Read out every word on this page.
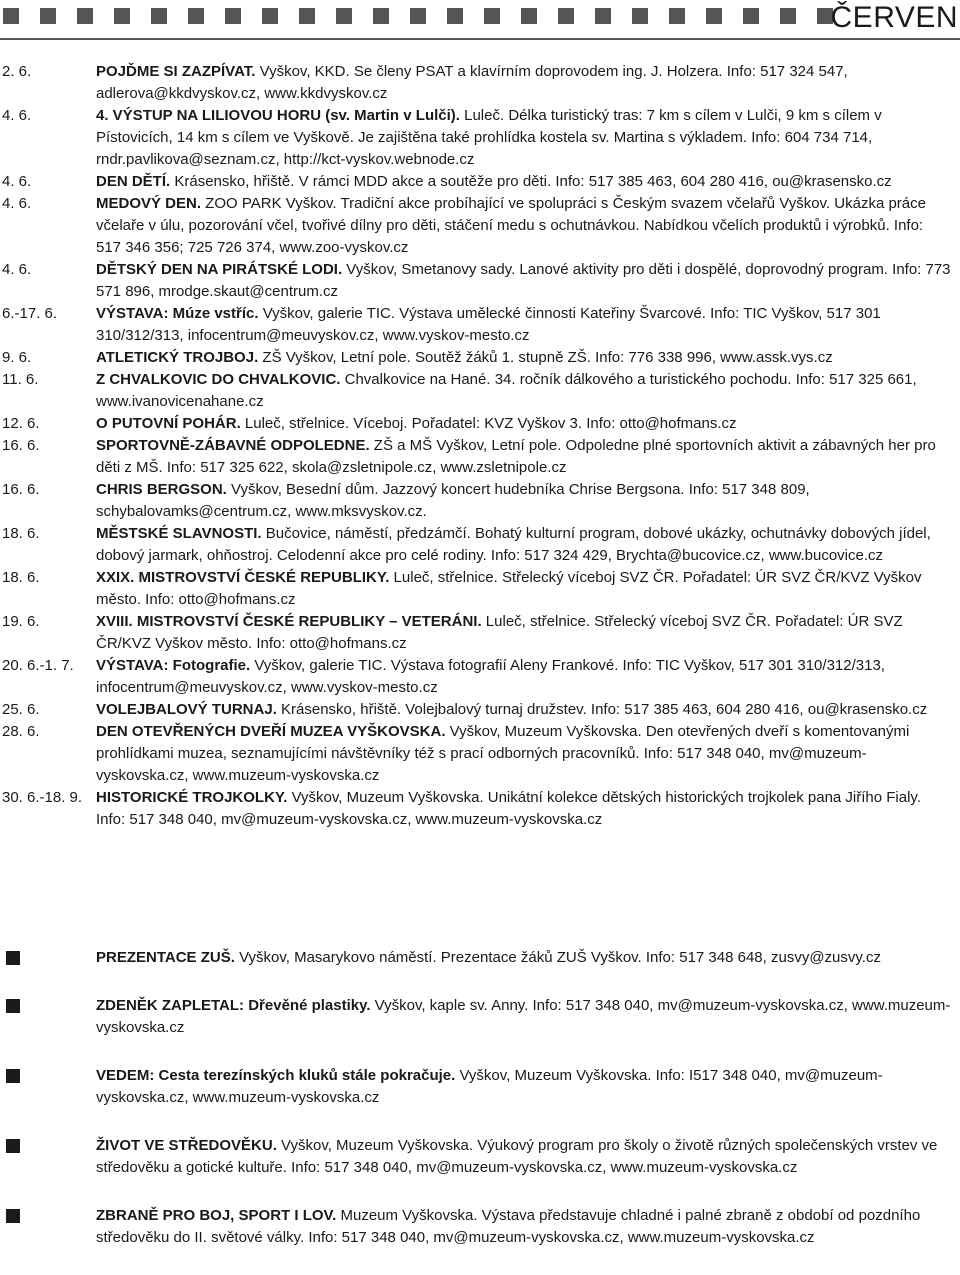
ČERVEN
2. 6.	POJĎME SI ZAZPÍVAT. Vyškov, KKD. Se členy PSAT a klavírním doprovodem ing. J. Holzera. Info: 517 324 547, adlerova@kkdvyskov.cz, www.kkdvyskov.cz
4. 6.	4. VÝSTUP NA LILIOVOU HORU (sv. Martin v Lulči). Luleč. Délka turistický tras: 7 km s cílem v Lulči, 9 km s cílem v Pístovicích, 14 km s cílem ve Vyškově. Je zajištěna také prohlídka kostela sv. Martina s výkladem. Info: 604 734 714, rndr.pavlikova@seznam.cz, http://kct-vyskov.webnode.cz
4. 6.	DEN DĚTÍ. Krásensko, hřiště. V rámci MDD akce a soutěže pro děti. Info: 517 385 463, 604 280 416, ou@krasensko.cz
4. 6.	MEDOVÝ DEN. ZOO PARK Vyškov. Tradiční akce probíhající ve spolupráci s Českým svazem včelařů Vyškov. Ukázka práce včelaře v úlu, pozorování včel, tvořivé dílny pro děti, stáčení medu s ochutnávkou. Nabídkou včelích produktů i výrobků. Info: 517 346 356; 725 726 374, www.zoo-vyskov.cz
4. 6.	DĚTSKÝ DEN NA PIRÁTSKÉ LODI. Vyškov, Smetanovy sady. Lanové aktivity pro děti i dospělé, doprovodný program. Info: 773 571 896, mrodge.skaut@centrum.cz
6.-17. 6.	VÝSTAVA: Múze vstříc. Vyškov, galerie TIC. Výstava umělecké činnosti Kateřiny Švarcové. Info: TIC Vyškov, 517 301 310/312/313, infocentrum@meuvyskov.cz, www.vyskov-mesto.cz
9. 6.	ATLETICKÝ TROJBOJ. ZŠ Vyškov, Letní pole. Soutěž žáků 1. stupně ZŠ. Info: 776 338 996, www.assk.vys.cz
11. 6.	Z CHVALKOVIC DO CHVALKOVIC. Chvalkovice na Hané. 34. ročník dálkového a turistického pochodu. Info: 517 325 661, www.ivanovicenahane.cz
12. 6.	O PUTOVNÍ POHÁR. Luleč, střelnice. Víceboj. Pořadatel: KVZ Vyškov 3. Info: otto@hofmans.cz
16. 6.	SPORTOVNĚ-ZÁBAVNÉ ODPOLEDNE. ZŠ a MŠ Vyškov, Letní pole. Odpoledne plné sportovních aktivit a zábavných her pro děti z MŠ. Info: 517 325 622, skola@zsletnipole.cz, www.zsletnipole.cz
16. 6.	CHRIS BERGSON. Vyškov, Besední dům. Jazzový koncert hudebníka Chrise Bergsona. Info: 517 348 809, schybalovamks@centrum.cz, www.mksvyskov.cz.
18. 6.	MĚSTSKÉ SLAVNOSTI. Bučovice, náměstí, předzámčí. Bohatý kulturní program, dobové ukázky, ochutnávky dobových jídel, dobový jarmark, ohňostroj. Celodenní akce pro celé rodiny. Info: 517 324 429, Brychta@bucovice.cz, www.bucovice.cz
18. 6.	XXIX. MISTROVSTVÍ ČESKÉ REPUBLIKY. Luleč, střelnice. Střelecký víceboj SVZ ČR. Pořadatel: ÚR SVZ ČR/KVZ Vyškov město. Info: otto@hofmans.cz
19. 6.	XVIII. MISTROVSTVÍ ČESKÉ REPUBLIKY – VETERÁNI. Luleč, střelnice. Střelecký víceboj SVZ ČR. Pořadatel: ÚR SVZ ČR/KVZ Vyškov město. Info: otto@hofmans.cz
20. 6.-1. 7. VÝSTAVA: Fotografie. Vyškov, galerie TIC. Výstava fotografií Aleny Frankové. Info: TIC Vyškov, 517 301 310/312/313, infocentrum@meuvyskov.cz, www.vyskov-mesto.cz
25. 6.	VOLEJBALOVÝ TURNAJ. Krásensko, hřiště. Volejbalový turnaj družstev. Info: 517 385 463, 604 280 416, ou@krasensko.cz
28. 6.	DEN OTEVŘENÝCH DVEŘÍ MUZEA VYŠKOVSKA. Vyškov, Muzeum Vyškovska. Den otevřených dveří s komentovanými prohlídkami muzea, seznamujícími návštěvníky též s prací odborných pracovníků. Info: 517 348 040, mv@muzeum-vyskovska.cz, www.muzeum-vyskovska.cz
30. 6.-18. 9. HISTORICKÉ TROJKOLKY. Vyškov, Muzeum Vyškovska. Unikátní kolekce dětských historických trojkolek pana Jiřího Fialy. Info: 517 348 040, mv@muzeum-vyskovska.cz, www.muzeum-vyskovska.cz
PREZENTACE ZUŠ. Vyškov, Masarykovo náměstí. Prezentace žáků ZUŠ Vyškov. Info: 517 348 648, zusvy@zusvy.cz
ZDENĚK ZAPLETAL: Dřevěné plastiky. Vyškov, kaple sv. Anny. Info: 517 348 040, mv@muzeum-vyskovska.cz, www.muzeum-vyskovska.cz
VEDEM: Cesta terezínských kluků stále pokračuje. Vyškov, Muzeum Vyškovska. Info: I517 348 040, mv@muzeum-vyskovska.cz, www.muzeum-vyskovska.cz
ŽIVOT VE STŘEDOVĚKU. Vyškov, Muzeum Vyškovska. Výukový program pro školy o životě různých společenských vrstev ve středověku a gotické kultuře. Info: 517 348 040, mv@muzeum-vyskovska.cz, www.muzeum-vyskovska.cz
ZBRANĚ PRO BOJ, SPORT I LOV. Muzeum Vyškovska. Výstava představuje chladné i palné zbraně z období od pozdního středověku do II. světové války. Info: 517 348 040, mv@muzeum-vyskovska.cz, www.muzeum-vyskovska.cz
